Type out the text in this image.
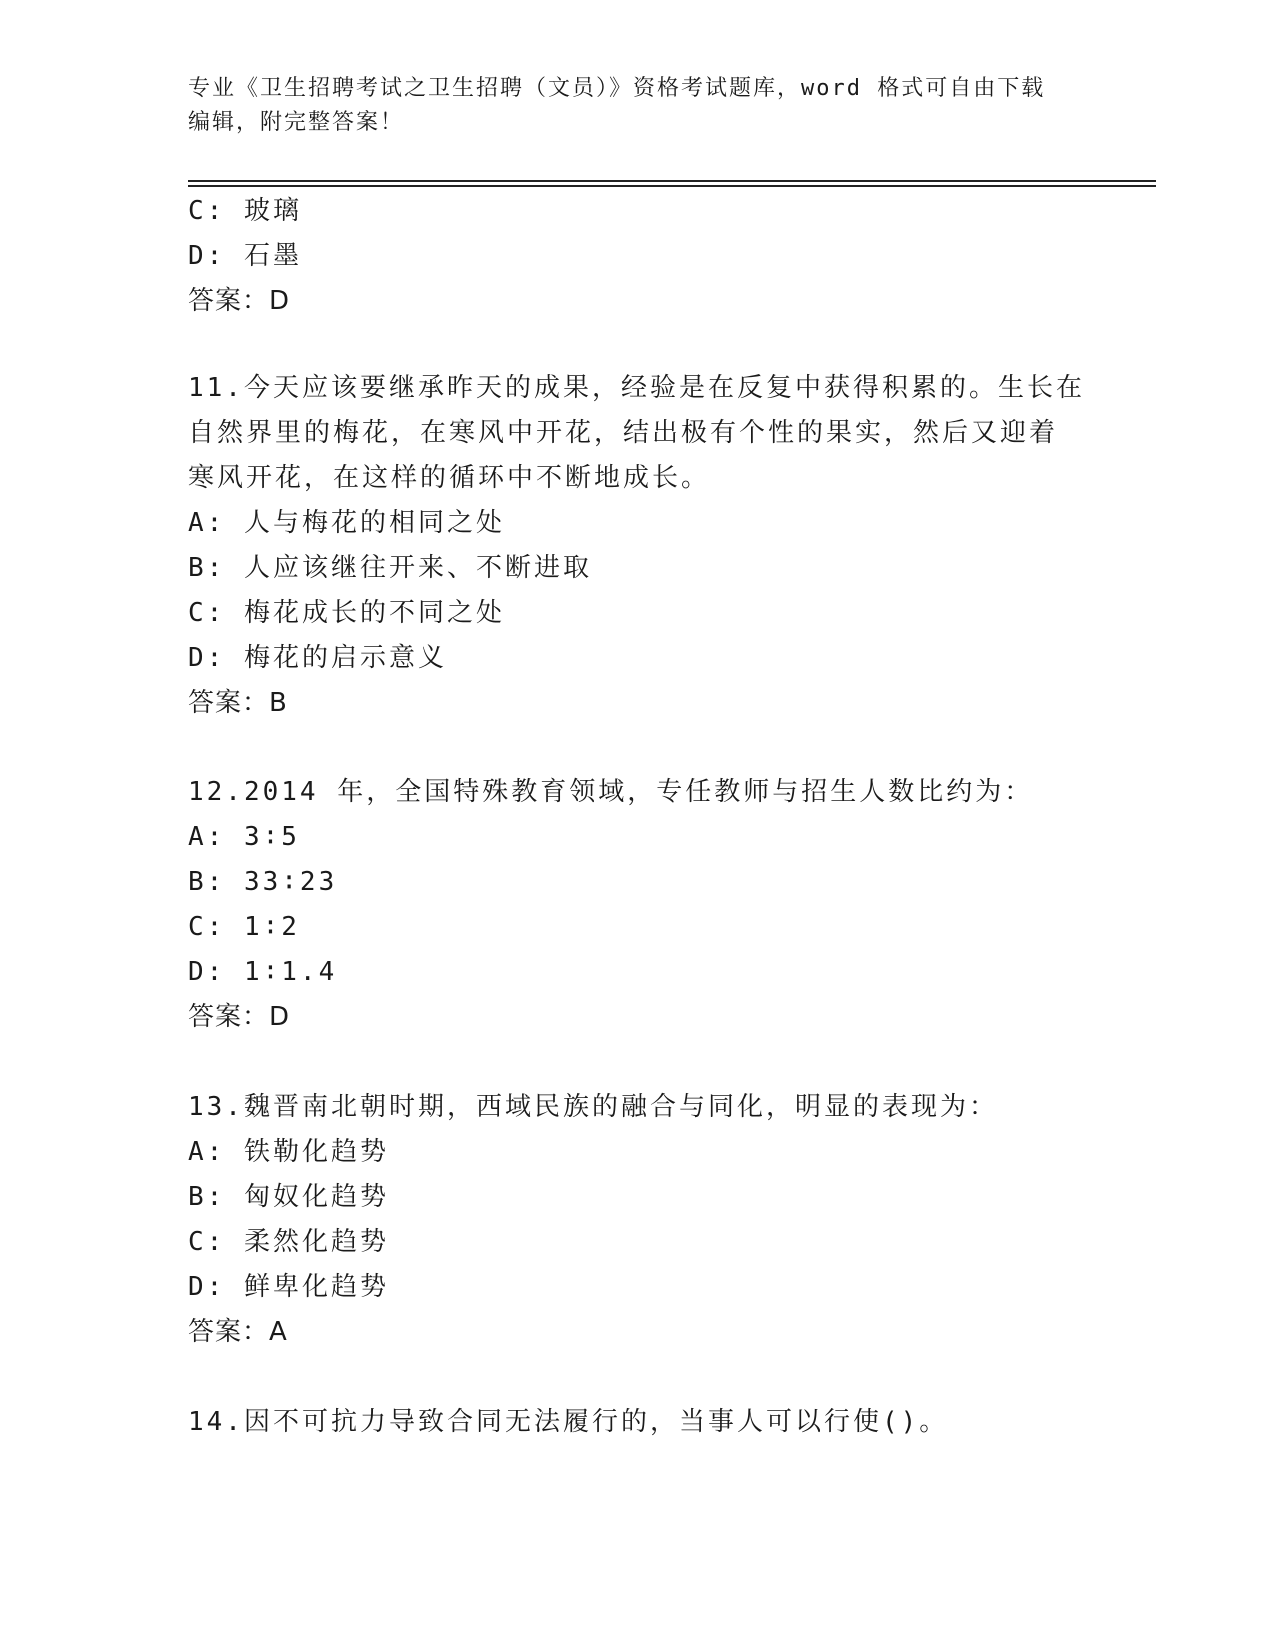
专业《卫生招聘考试之卫生招聘（文员）》资格考试题库，word 格式可自由下载
编辑，附完整答案！
C: 玻璃
D: 石墨
答案：D
11.今天应该要继承昨天的成果，经验是在反复中获得积累的。生长在
自然界里的梅花，在寒风中开花，结出极有个性的果实，然后又迎着
寒风开花，在这样的循环中不断地成长。
A: 人与梅花的相同之处
B: 人应该继往开来、不断进取
C: 梅花成长的不同之处
D: 梅花的启示意义
答案：B
12.2014 年，全国特殊教育领域，专任教师与招生人数比约为：
A: 3∶5
B: 33∶23
C: 1∶2
D: 1∶1.4
答案：D
13.魏晋南北朝时期，西域民族的融合与同化，明显的表现为：
A: 铁勒化趋势
B: 匈奴化趋势
C: 柔然化趋势
D: 鲜卑化趋势
答案：A
14.因不可抗力导致合同无法履行的，当事人可以行使()。
